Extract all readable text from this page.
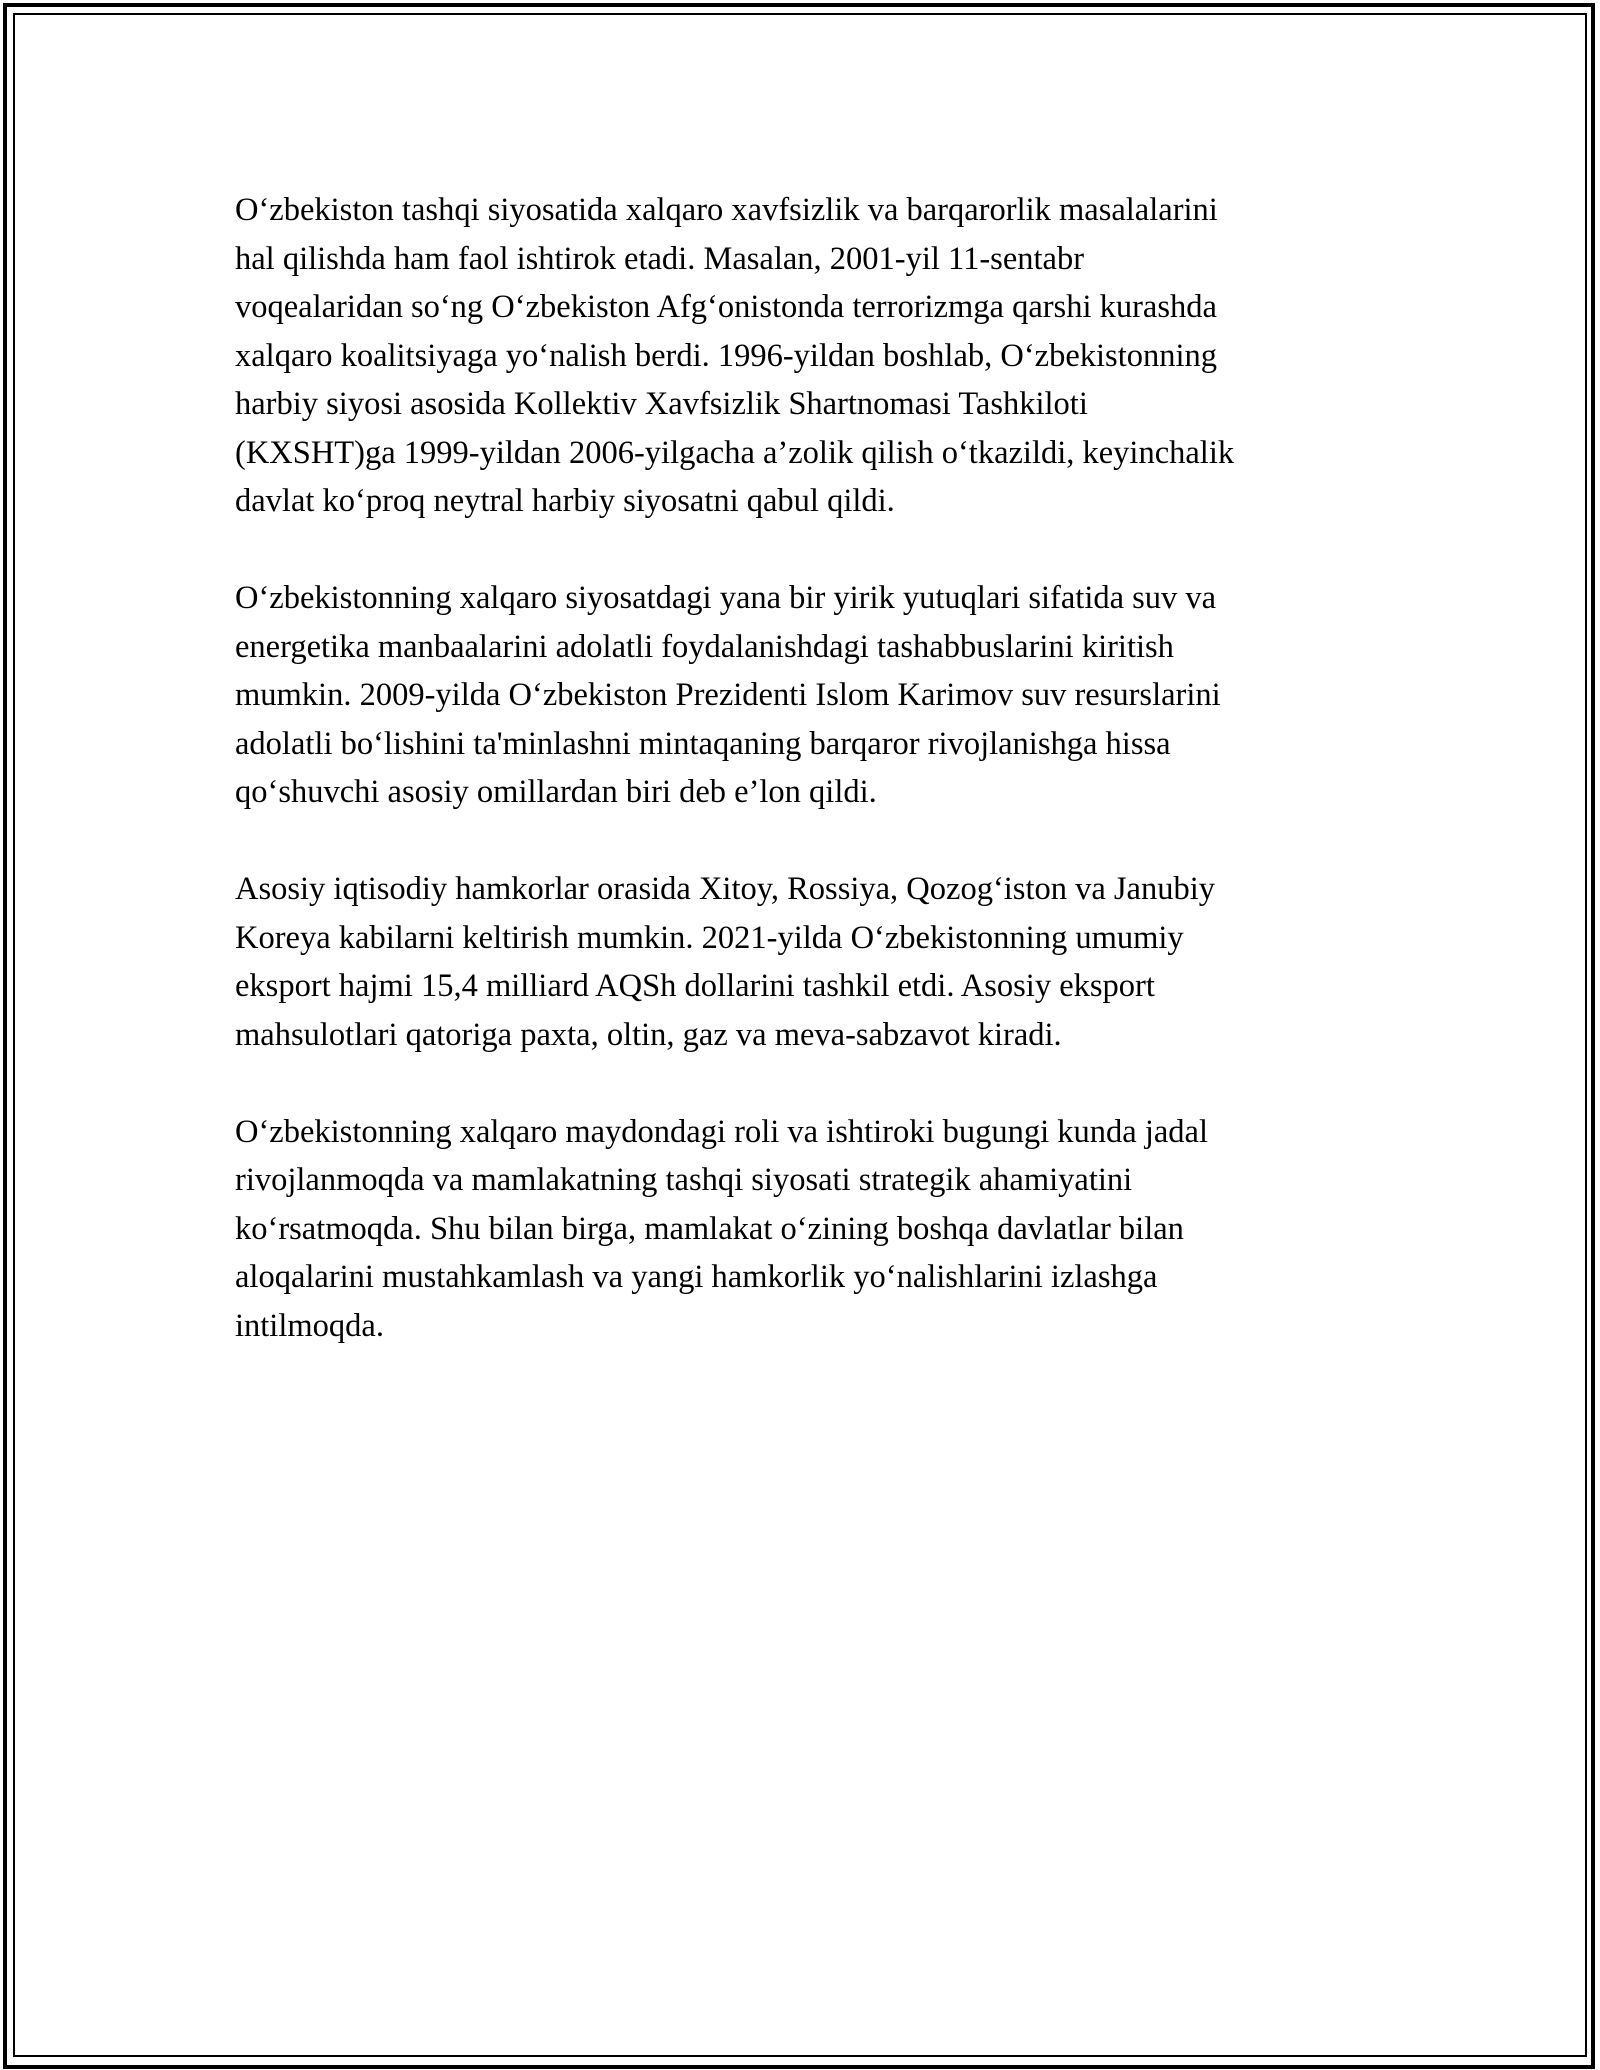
O‘zbekiston tashqi siyosatida xalqaro xavfsizlik va barqarorlik masalalarini
hal qilishda ham faol ishtirok etadi. Masalan, 2001-yil 11-sentabr
voqealaridan so‘ng O‘zbekiston Afg‘onistonda terrorizmga qarshi kurashda
xalqaro koalitsiyaga yo‘nalish berdi. 1996-yildan boshlab, O‘zbekistonning
harbiy siyosi asosida Kollektiv Xavfsizlik Shartnomasi Tashkiloti
(KXSHT)ga 1999-yildan 2006-yilgacha a’zolik qilish o‘tkazildi, keyinchalik
davlat ko‘proq neytral harbiy siyosatni qabul qildi.

O‘zbekistonning xalqaro siyosatdagi yana bir yirik yutuqlari sifatida suv va
energetika manbaalarini adolatli foydalanishdagi tashabbuslarini kiritish
mumkin. 2009-yilda O‘zbekiston Prezidenti Islom Karimov suv resurslarini
adolatli bo‘lishini ta'minlashni mintaqaning barqaror rivojlanishga hissa
qo‘shuvchi asosiy omillardan biri deb e’lon qildi.

Asosiy iqtisodiy hamkorlar orasida Xitoy, Rossiya, Qozog‘iston va Janubiy
Koreya kabilarni keltirish mumkin. 2021-yilda O‘zbekistonning umumiy
eksport hajmi 15,4 milliard AQSh dollarini tashkil etdi. Asosiy eksport
mahsulotlari qatoriga paxta, oltin, gaz va meva-sabzavot kiradi.

O‘zbekistonning xalqaro maydondagi roli va ishtiroki bugungi kunda jadal
rivojlanmoqda va mamlakatning tashqi siyosati strategik ahamiyatini
ko‘rsatmoqda. Shu bilan birga, mamlakat o‘zining boshqa davlatlar bilan
aloqalarini mustahkamlash va yangi hamkorlik yo‘nalishlarini izlashga
intilmoqda.
